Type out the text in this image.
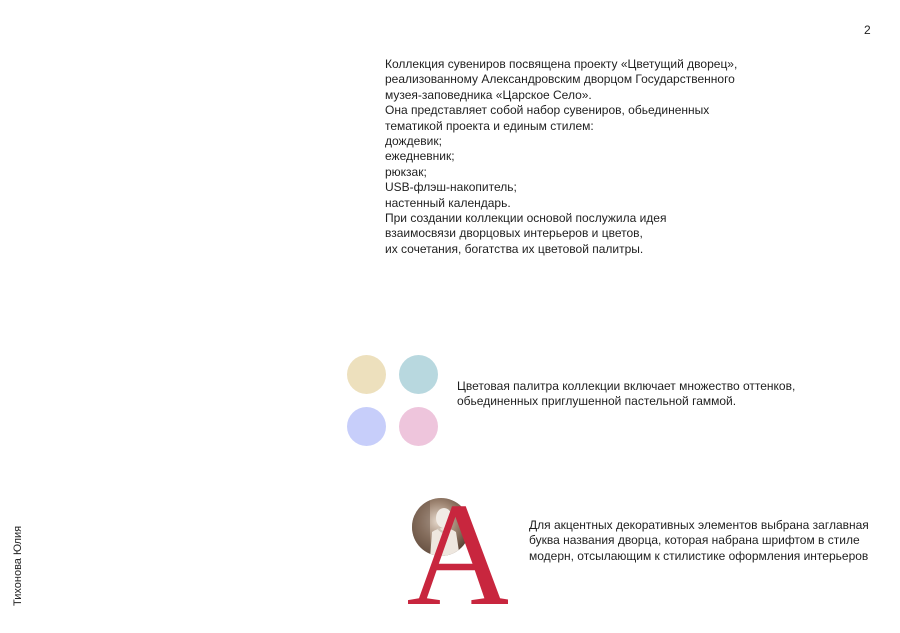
2

Коллекция сувениров посвящена проекту «Цветущий дворец»,

реализованному Александровским дворцом Государственного

музея-заповедника «Царское Село».

Она представляет собой набор сувениров, обьединенных

тематикой проекта и единым стилем:

дождевик;

ежедневник;

рюкзак;

USB-флэш-накопитель;

настенный календарь.

При создании коллекции основой послужила идея

взаимосвязи дворцовых интерьеров и цветов,

их сочетания, богатства их цветовой палитры.

Цветовая палитра коллекции включает множество оттенков,

обьединенных приглушенной пастельной гаммой.

A Для акцентных декоративных элементов выбрана заглавная

буква названия дворца, которая набрана шрифтом в стиле

модерн, отсылающим к стилистике оформления интерьеров

Тихонова Юлия
